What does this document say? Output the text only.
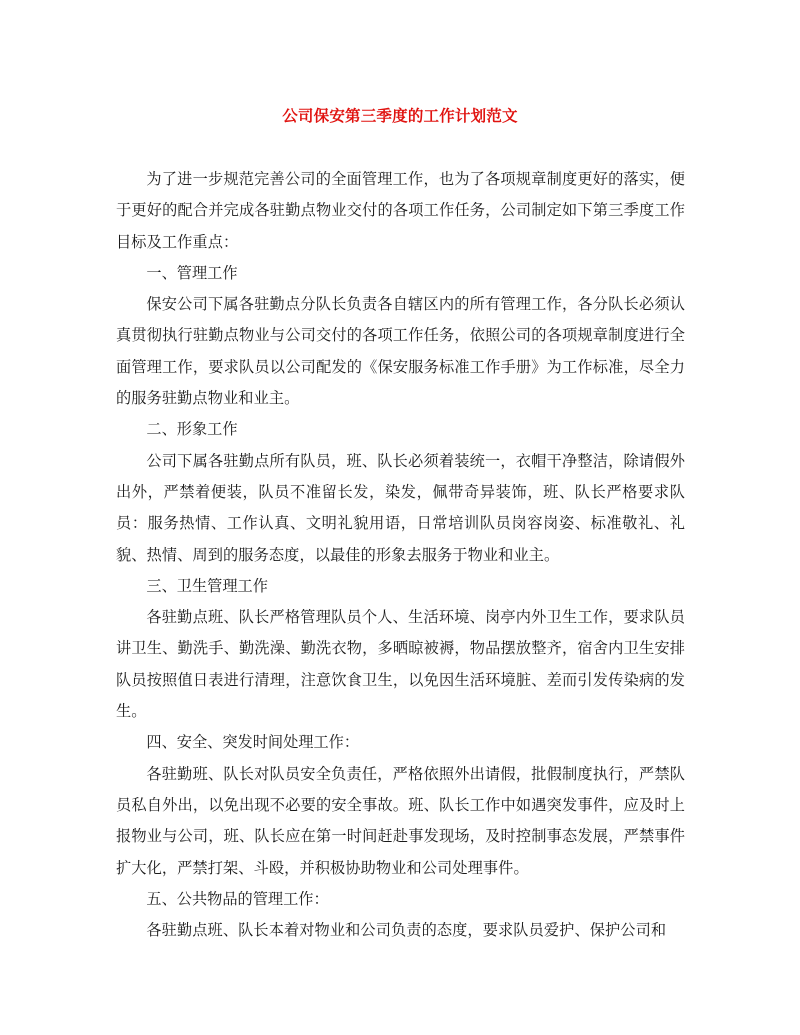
公司保安第三季度的工作计划范文

为了进一步规范完善公司的全面管理工作，也为了各项规章制度更好的落实，便于更好的配合并完成各驻勤点物业交付的各项工作任务，公司制定如下第三季度工作目标及工作重点：

一、管理工作

保安公司下属各驻勤点分队长负责各自辖区内的所有管理工作，各分队长必须认真贯彻执行驻勤点物业与公司交付的各项工作任务，依照公司的各项规章制度进行全面管理工作，要求队员以公司配发的《保安服务标准工作手册》为工作标准，尽全力的服务驻勤点物业和业主。

二、形象工作

公司下属各驻勤点所有队员，班、队长必须着装统一，衣帽干净整洁，除请假外出外，严禁着便装，队员不准留长发，染发，佩带奇异装饰，班、队长严格要求队员：服务热情、工作认真、文明礼貌用语，日常培训队员岗容岗姿、标准敬礼、礼貌、热情、周到的服务态度，以最佳的形象去服务于物业和业主。

三、卫生管理工作

各驻勤点班、队长严格管理队员个人、生活环境、岗亭内外卫生工作，要求队员讲卫生、勤洗手、勤洗澡、勤洗衣物，多晒晾被褥，物品摆放整齐，宿舍内卫生安排队员按照值日表进行清理，注意饮食卫生，以免因生活环境脏、差而引发传染病的发生。

四、安全、突发时间处理工作：

各驻勤班、队长对队员安全负责任，严格依照外出请假，批假制度执行，严禁队员私自外出，以免出现不必要的安全事故。班、队长工作中如遇突发事件，应及时上报物业与公司，班、队长应在第一时间赶赴事发现场，及时控制事态发展，严禁事件扩大化，严禁打架、斗殴，并积极协助物业和公司处理事件。

五、公共物品的管理工作：

各驻勤点班、队长本着对物业和公司负责的态度，要求队员爱护、保护公司和
